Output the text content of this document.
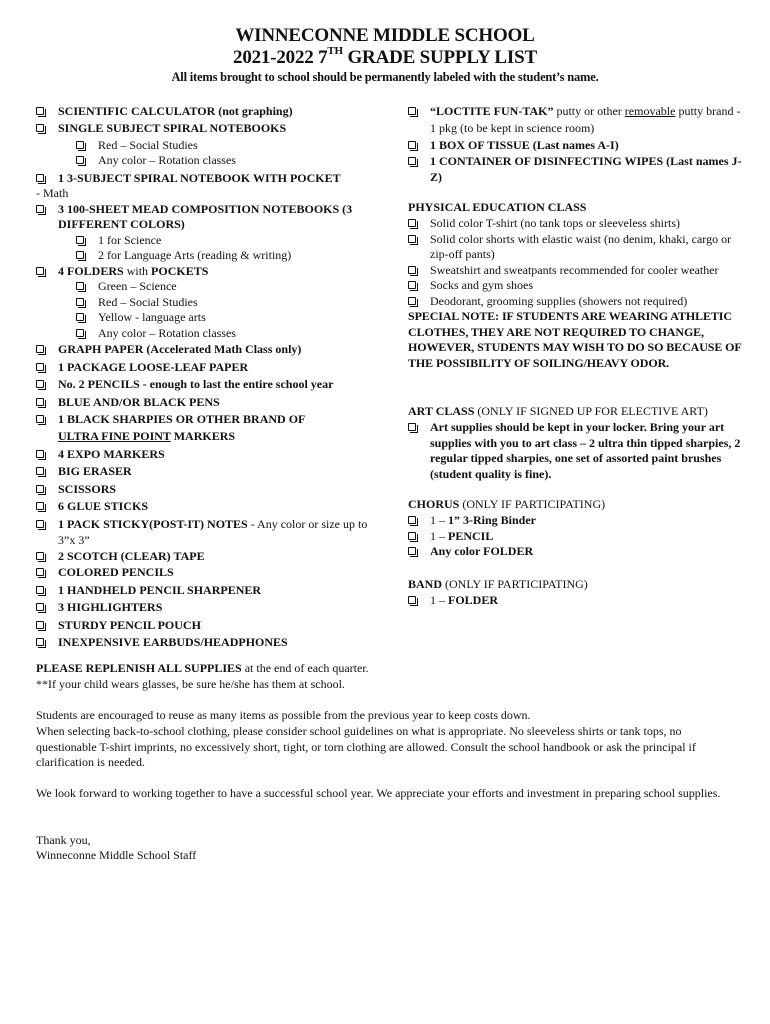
WINNECONNE MIDDLE SCHOOL
2021-2022 7TH GRADE SUPPLY LIST
All items brought to school should be permanently labeled with the student’s name.
SCIENTIFIC CALCULATOR (not graphing)
SINGLE SUBJECT SPIRAL NOTEBOOKS
Red – Social Studies
Any color – Rotation classes
1 3-SUBJECT SPIRAL NOTEBOOK WITH POCKET
- Math
3 100-SHEET MEAD COMPOSITION NOTEBOOKS (3 DIFFERENT COLORS)
1 for Science
2 for Language Arts (reading & writing)
4 FOLDERS with POCKETS
Green – Science
Red – Social Studies
Yellow - language arts
Any color – Rotation classes
GRAPH PAPER (Accelerated Math Class only)
1 PACKAGE LOOSE-LEAF PAPER
No. 2 PENCILS - enough to last the entire school year
BLUE AND/OR BLACK PENS
1 BLACK SHARPIES OR OTHER BRAND OF
ULTRA FINE POINT MARKERS
4 EXPO MARKERS
BIG ERASER
SCISSORS
6 GLUE STICKS
1 PACK STICKY(POST-IT) NOTES - Any color or size up to 3”x 3”
2 SCOTCH (CLEAR) TAPE
COLORED PENCILS
1 HANDHELD PENCIL SHARPENER
3 HIGHLIGHTERS
STURDY PENCIL POUCH
INEXPENSIVE EARBUDS/HEADPHONES
“LOCTITE FUN-TAK” putty or other removable putty brand - 1 pkg (to be kept in science room)
1 BOX OF TISSUE (Last names A-I)
1 CONTAINER OF DISINFECTING WIPES (Last names J-Z)
PHYSICAL EDUCATION CLASS
Solid color T-shirt (no tank tops or sleeveless shirts)
Solid color shorts with elastic waist (no denim, khaki, cargo or zip-off pants)
Sweatshirt and sweatpants recommended for cooler weather
Socks and gym shoes
Deodorant, grooming supplies (showers not required)
SPECIAL NOTE: IF STUDENTS ARE WEARING ATHLETIC CLOTHES, THEY ARE NOT REQUIRED TO CHANGE, HOWEVER, STUDENTS MAY WISH TO DO SO BECAUSE OF THE POSSIBILITY OF SOILING/HEAVY ODOR.
ART CLASS (ONLY IF SIGNED UP FOR ELECTIVE ART)
Art supplies should be kept in your locker. Bring your art supplies with you to art class – 2 ultra thin tipped sharpies, 2 regular tipped sharpies, one set of assorted paint brushes (student quality is fine).
CHORUS (ONLY IF PARTICIPATING)
1 – 1” 3-Ring Binder
1 – PENCIL
Any color FOLDER
BAND (ONLY IF PARTICIPATING)
1 – FOLDER
PLEASE REPLENISH ALL SUPPLIES at the end of each quarter.
**If your child wears glasses, be sure he/she has them at school.
Students are encouraged to reuse as many items as possible from the previous year to keep costs down.
When selecting back-to-school clothing, please consider school guidelines on what is appropriate. No sleeveless shirts or tank tops, no questionable T-shirt imprints, no excessively short, tight, or torn clothing are allowed. Consult the school handbook or ask the principal if clarification is needed.
We look forward to working together to have a successful school year. We appreciate your efforts and investment in preparing school supplies.
Thank you,
Winneconne Middle School Staff
